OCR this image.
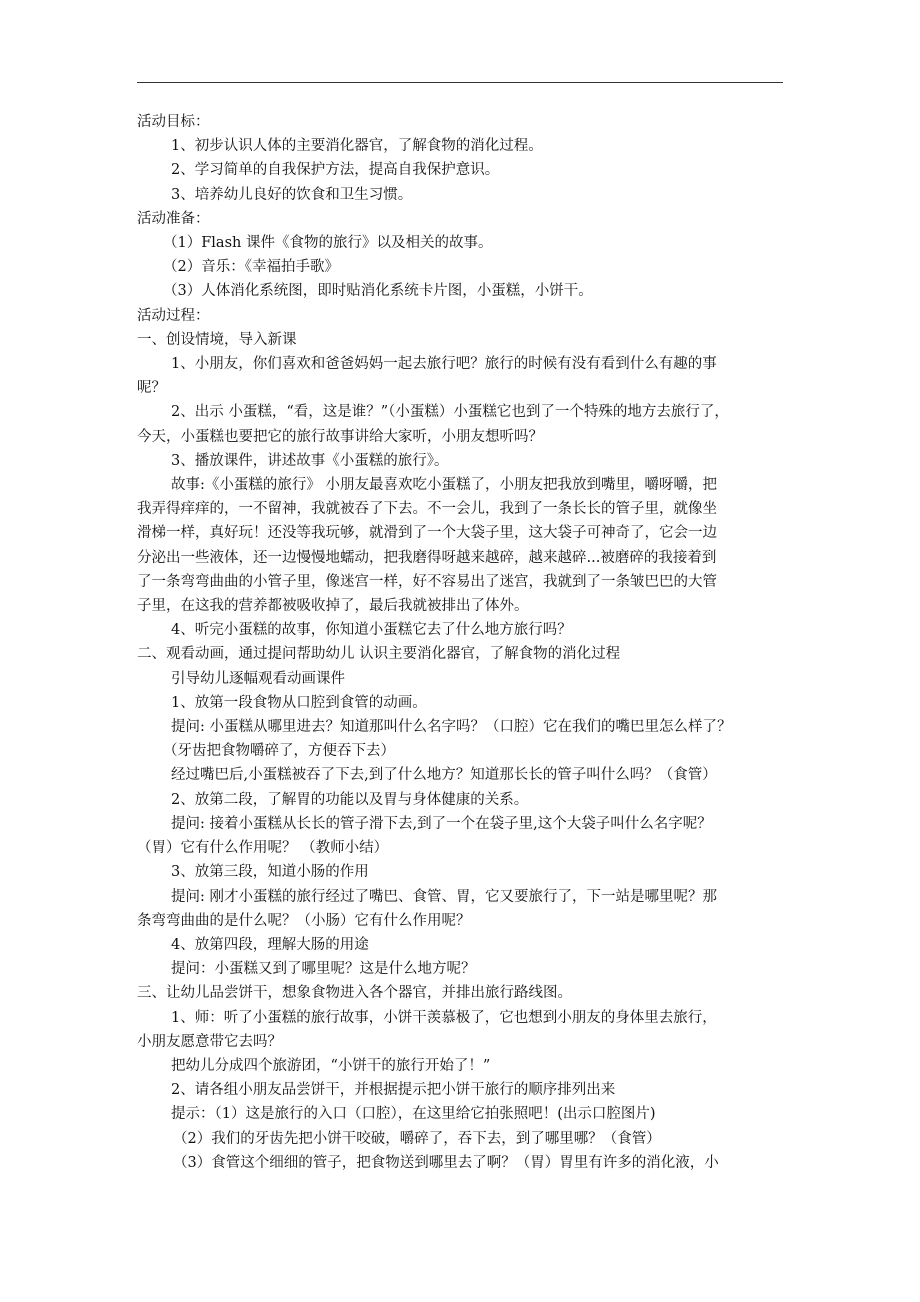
活动目标：

1、初步认识人体的主要消化器官，了解食物的消化过程。

2、学习简单的自我保护方法，提高自我保护意识。

3、培养幼儿良好的饮食和卫生习惯。

活动准备：

（1）Flash 课件《食物的旅行》以及相关的故事。

（2）音乐：《幸福拍手歌》

（3）人体消化系统图，即时贴消化系统卡片图，小蛋糕，小饼干。

活动过程：

一、创设情境，导入新课

1、小朋友，你们喜欢和爸爸妈妈一起去旅行吧？旅行的时候有没有看到什么有趣的事

呢？

2、出示 小蛋糕，“看，这是谁？”（小蛋糕）小蛋糕它也到了一个特殊的地方去旅行了，

今天，小蛋糕也要把它的旅行故事讲给大家听，小朋友想听吗？

3、播放课件，讲述故事《小蛋糕的旅行》。

故事:《小蛋糕的旅行》 小朋友最喜欢吃小蛋糕了，小朋友把我放到嘴里，嚼呀嚼，把

我弄得痒痒的，一不留神，我就被吞了下去。不一会儿，我到了一条长长的管子里，就像坐

滑梯一样，真好玩！还没等我玩够，就滑到了一个大袋子里，这大袋子可神奇了，它会一边

分泌出一些液体，还一边慢慢地蠕动，把我磨得呀越来越碎，越来越碎...被磨碎的我接着到

了一条弯弯曲曲的小管子里，像迷宫一样，好不容易出了迷宫，我就到了一条皱巴巴的大管

子里，在这我的营养都被吸收掉了，最后我就被排出了体外。

4、听完小蛋糕的故事，你知道小蛋糕它去了什么地方旅行吗？

二、观看动画，通过提问帮助幼儿 认识主要消化器官，了解食物的消化过程

引导幼儿逐幅观看动画课件

1、放第一段食物从口腔到食管的动画。

提问: 小蛋糕从哪里进去？知道那叫什么名字吗？（口腔）它在我们的嘴巴里怎么样了？

（牙齿把食物嚼碎了，方便吞下去）

经过嘴巴后,小蛋糕被吞了下去,到了什么地方？知道那长长的管子叫什么吗？（食管）

2、放第二段，了解胃的功能以及胃与身体健康的关系。

提问: 接着小蛋糕从长长的管子滑下去,到了一个在袋子里,这个大袋子叫什么名字呢？

（胃）它有什么作用呢？ （教师小结）

3、放第三段，知道小肠的作用

提问: 刚才小蛋糕的旅行经过了嘴巴、食管、胃，它又要旅行了，下一站是哪里呢？那

条弯弯曲曲的是什么呢？（小肠）它有什么作用呢？

4、放第四段，理解大肠的用途

提问：小蛋糕又到了哪里呢？这是什么地方呢？

三、让幼儿品尝饼干，想象食物进入各个器官，并排出旅行路线图。

1、师：听了小蛋糕的旅行故事，小饼干羡慕极了，它也想到小朋友的身体里去旅行，

小朋友愿意带它去吗？

把幼儿分成四个旅游团，“小饼干的旅行开始了！”

2、请各组小朋友品尝饼干，并根据提示把小饼干旅行的顺序排列出来

提示：（1）这是旅行的入口（口腔），在这里给它拍张照吧！(出示口腔图片)

（2）我们的牙齿先把小饼干咬破，嚼碎了，吞下去，到了哪里哪？（食管）

（3）食管这个细细的管子，把食物送到哪里去了啊？（胃）胃里有许多的消化液，小
